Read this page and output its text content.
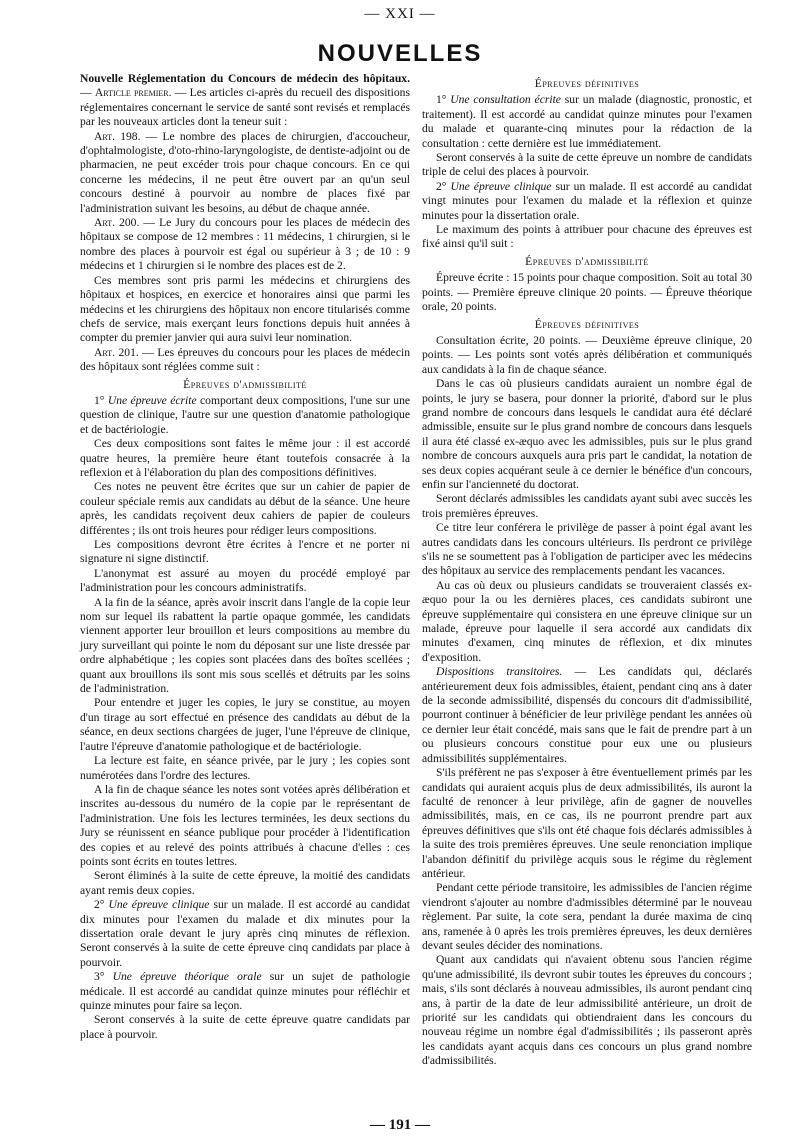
— XXI —
NOUVELLES

Nouvelle Réglementation du Concours de médecin des hôpitaux. — Article premier. — Les articles ci-après du recueil des dispositions réglementaires concernant le service de santé sont revisés et remplacés par les nouveaux articles dont la teneur suit :

Art. 198. — Le nombre des places de chirurgien, d'accoucheur, d'ophtalmologiste, d'oto-rhino-laryngologiste, de dentiste-adjoint ou de pharmacien, ne peut excéder trois pour chaque concours. En ce qui concerne les médecins, il ne peut être ouvert par an qu'un seul concours destiné à pourvoir au nombre de places fixé par l'administration suivant les besoins, au début de chaque année.

Art. 200. — Le Jury du concours pour les places de médecin des hôpitaux se compose de 12 membres : 11 médecins, 1 chirurgien, si le nombre des places à pourvoir est égal ou supérieur à 3 ; de 10 : 9 médecins et 1 chirurgien si le nombre des places est de 2.

Ces membres sont pris parmi les médecins et chirurgiens des hôpitaux et hospices, en exercice et honoraires ainsi que parmi les médecins et les chirurgiens des hôpitaux non encore titularisés comme chefs de service, mais exerçant leurs fonctions depuis huit années à compter du premier janvier qui aura suivi leur nomination.

Art. 201. — Les épreuves du concours pour les places de médecin des hôpitaux sont réglées comme suit :

Épreuves d'admissibilité

1° Une épreuve écrite comportant deux compositions, l'une sur une question de clinique, l'autre sur une question d'anatomie pathologique et de bactériologie.

Ces deux compositions sont faites le même jour : il est accordé quatre heures, la première heure étant toutefois consacrée à la reflexion et à l'élaboration du plan des compositions définitives.

Ces notes ne peuvent être écrites que sur un cahier de papier de couleur spéciale remis aux candidats au début de la séance. Une heure après, les candidats reçoivent deux cahiers de papier de couleurs différentes ; ils ont trois heures pour rédiger leurs compositions.

Les compositions devront être écrites à l'encre et ne porter ni signature ni signe distinctif.

L'anonymat est assuré au moyen du procédé employé par l'administration pour les concours administratifs.

A la fin de la séance, après avoir inscrit dans l'angle de la copie leur nom sur lequel ils rabattent la partie opaque gommée, les candidats viennent apporter leur brouillon et leurs compositions au membre du jury surveillant qui pointe le nom du déposant sur une liste dressée par ordre alphabétique ; les copies sont placées dans des boîtes scellées ; quant aux brouillons ils sont mis sous scellés et détruits par les soins de l'administration.

Pour entendre et juger les copies, le jury se constitue, au moyen d'un tirage au sort effectué en présence des candidats au début de la séance, en deux sections chargées de juger, l'une l'épreuve de clinique, l'autre l'épreuve d'anatomie pathologique et de bactériologie.

La lecture est faite, en séance privée, par le jury ; les copies sont numérotées dans l'ordre des lectures.

A la fin de chaque séance les notes sont votées après délibération et inscrites au-dessous du numéro de la copie par le représentant de l'administration. Une fois les lectures terminées, les deux sections du Jury se réunissent en séance publique pour procéder à l'identification des copies et au relevé des points attribués à chacune d'elles : ces points sont écrits en toutes lettres.

Seront éliminés à la suite de cette épreuve, la moitié des candidats ayant remis deux copies.

2° Une épreuve clinique sur un malade. Il est accordé au candidat dix minutes pour l'examen du malade et dix minutes pour la dissertation orale devant le jury après cinq minutes de réflexion. Seront conservés à la suite de cette épreuve cinq candidats par place à pourvoir.

3° Une épreuve théorique orale sur un sujet de pathologie médicale. Il est accordé au candidat quinze minutes pour réfléchir et quinze minutes pour faire sa leçon.

Seront conservés à la suite de cette épreuve quatre candidats par place à pourvoir.

Épreuves définitives

1° Une consultation écrite sur un malade (diagnostic, pronostic, et traitement). Il est accordé au candidat quinze minutes pour l'examen du malade et quarante-cinq minutes pour la rédaction de la consultation : cette dernière est lue immédiatement.

Seront conservés à la suite de cette épreuve un nombre de candidats triple de celui des places à pourvoir.

2° Une épreuve clinique sur un malade. Il est accordé au candidat vingt minutes pour l'examen du malade et la réflexion et quinze minutes pour la dissertation orale.

Le maximum des points à attribuer pour chacune des épreuves est fixé ainsi qu'il suit :

Épreuves d'admissibilité

Épreuve écrite : 15 points pour chaque composition. Soit au total 30 points. — Première épreuve clinique 20 points. — Épreuve théorique orale, 20 points.

Épreuves définitives

Consultation écrite, 20 points. — Deuxième épreuve clinique, 20 points. — Les points sont votés après délibération et communiqués aux candidats à la fin de chaque séance.

Dans le cas où plusieurs candidats auraient un nombre égal de points, le jury se basera, pour donner la priorité, d'abord sur le plus grand nombre de concours dans lesquels le candidat aura été déclaré admissible, ensuite sur le plus grand nombre de concours dans lesquels il aura été classé ex-æquo avec les admissibles, puis sur le plus grand nombre de concours auxquels aura pris part le candidat, la notation de ses deux copies acquérant seule à ce dernier le bénéfice d'un concours, enfin sur l'ancienneté du doctorat.

Seront déclarés admissibles les candidats ayant subi avec succès les trois premières épreuves.

Ce titre leur conférera le privilège de passer à point égal avant les autres candidats dans les concours ultérieurs. Ils perdront ce privilège s'ils ne se soumettent pas à l'obligation de participer avec les médecins des hôpitaux au service des remplacements pendant les vacances.

Au cas où deux ou plusieurs candidats se trouveraient classés ex-æquo pour la ou les dernières places, ces candidats subiront une épreuve supplémentaire qui consistera en une épreuve clinique sur un malade, épreuve pour laquelle il sera accordé aux candidats dix minutes d'examen, cinq minutes de réflexion, et dix minutes d'exposition.

Dispositions transitoires. — Les candidats qui, déclarés antérieurement deux fois admissibles, étaient, pendant cinq ans à dater de la seconde admissibilité, dispensés du concours dit d'admissibilité, pourront continuer à bénéficier de leur privilège pendant les années où ce dernier leur était concédé, mais sans que le fait de prendre part à un ou plusieurs concours constitue pour eux une ou plusieurs admissibilités supplémentaires.

S'ils préfèrent ne pas s'exposer à être éventuellement primés par les candidats qui auraient acquis plus de deux admissibilités, ils auront la faculté de renoncer à leur privilège, afin de gagner de nouvelles admissibilités, mais, en ce cas, ils ne pourront prendre part aux épreuves définitives que s'ils ont été chaque fois déclarés admissibles à la suite des trois premières épreuves. Une seule renonciation implique l'abandon définitif du privilège acquis sous le régime du règlement antérieur.

Pendant cette période transitoire, les admissibles de l'ancien régime viendront s'ajouter au nombre d'admissibles déterminé par le nouveau règlement. Par suite, la cote sera, pendant la durée maxima de cinq ans, ramenée à 0 après les trois premières épreuves, les deux dernières devant seules décider des nominations.

Quant aux candidats qui n'avaient obtenu sous l'ancien régime qu'une admissibilité, ils devront subir toutes les épreuves du concours ; mais, s'ils sont déclarés à nouveau admissibles, ils auront pendant cinq ans, à partir de la date de leur admissibilité antérieure, un droit de priorité sur les candidats qui obtiendraient dans les concours du nouveau régime un nombre égal d'admissibilités ; ils passeront après les candidats ayant acquis dans ces concours un plus grand nombre d'admissibilités.

— 191 —
